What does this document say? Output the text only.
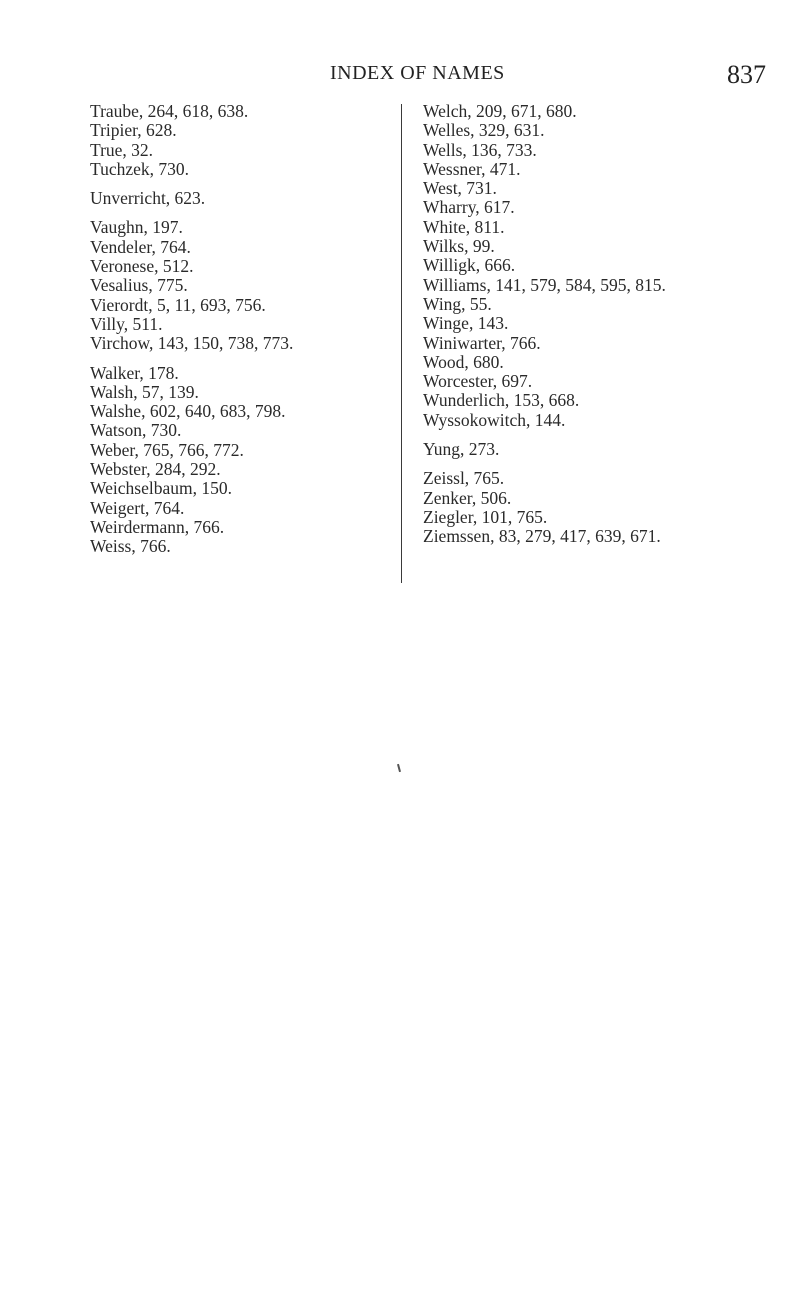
INDEX OF NAMES	837
Traube, 264, 618, 638.
Tripier, 628.
True, 32.
Tuchzek, 730.
Unverricht, 623.
Vaughn, 197.
Vendeler, 764.
Veronese, 512.
Vesalius, 775.
Vierordt, 5, 11, 693, 756.
Villy, 511.
Virchow, 143, 150, 738, 773.
Walker, 178.
Walsh, 57, 139.
Walshe, 602, 640, 683, 798.
Watson, 730.
Weber, 765, 766, 772.
Webster, 284, 292.
Weichselbaum, 150.
Weigert, 764.
Weirdermann, 766.
Weiss, 766.
Welch, 209, 671, 680.
Welles, 329, 631.
Wells, 136, 733.
Wessner, 471.
West, 731.
Wharry, 617.
White, 811.
Wilks, 99.
Willigk, 666.
Williams, 141, 579, 584, 595, 815.
Wing, 55.
Winge, 143.
Winiwarter, 766.
Wood, 680.
Worcester, 697.
Wunderlich, 153, 668.
Wyssokowitch, 144.
Yung, 273.
Zeissl, 765.
Zenker, 506.
Ziegler, 101, 765.
Ziemssen, 83, 279, 417, 639, 671.
